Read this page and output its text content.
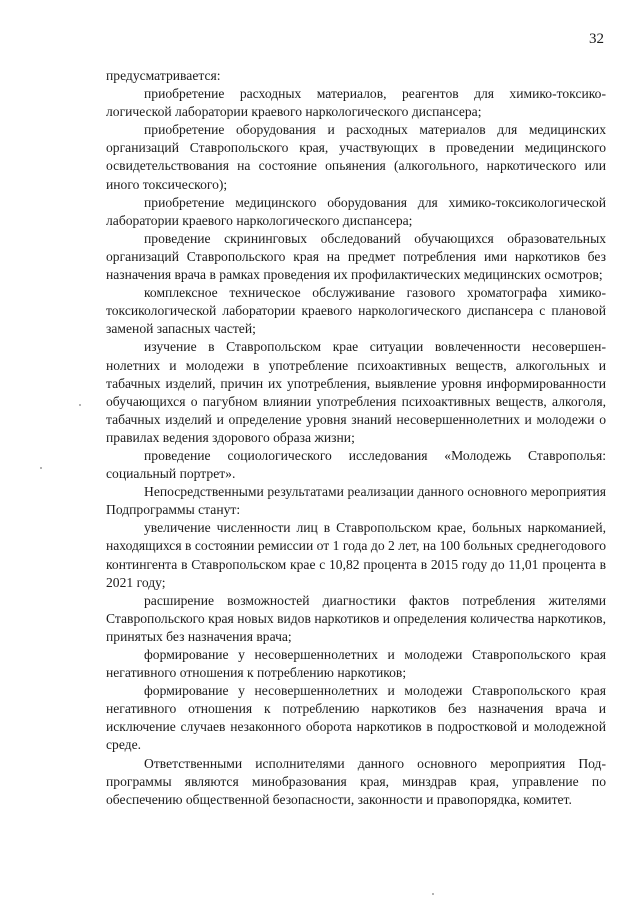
32

предусматривается:

приобретение расходных материалов, реагентов для химико-токсикологической лаборатории краевого наркологического диспансера;

приобретение оборудования и расходных материалов для медицинских организаций Ставропольского края, участвующих в проведении медицинского освидетельствования на состояние опьянения (алкогольного, наркотического или иного токсического);

приобретение медицинского оборудования для химико-токсикологической лаборатории краевого наркологического диспансера;

проведение скрининговых обследований обучающихся образовательных организаций Ставропольского края на предмет потребления ими наркотиков без назначения врача в рамках проведения их профилактических медицинских осмотров;

комплексное техническое обслуживание газового хроматографа химико-токсикологической лаборатории краевого наркологического диспансера с плановой заменой запасных частей;

изучение в Ставропольском крае ситуации вовлеченности несовершеннолетних и молодежи в употребление психоактивных веществ, алкогольных и табачных изделий, причин их употребления, выявление уровня информированности обучающихся о пагубном влиянии употребления психоактивных веществ, алкоголя, табачных изделий и определение уровня знаний несовершеннолетних и молодежи о правилах ведения здорового образа жизни;

проведение социологического исследования «Молодежь Ставрополья: социальный портрет».

Непосредственными результатами реализации данного основного мероприятия Подпрограммы станут:

увеличение численности лиц в Ставропольском крае, больных наркоманией, находящихся в состоянии ремиссии от 1 года до 2 лет, на 100 больных среднегодового контингента в Ставропольском крае с 10,82 процента в 2015 году до 11,01 процента в 2021 году;

расширение возможностей диагностики фактов потребления жителями Ставропольского края новых видов наркотиков и определения количества наркотиков, принятых без назначения врача;

формирование у несовершеннолетних и молодежи Ставропольского края негативного отношения к потреблению наркотиков;

формирование у несовершеннолетних и молодежи Ставропольского края негативного отношения к потреблению наркотиков без назначения врача и исключение случаев незаконного оборота наркотиков в подростковой и молодежной среде.

Ответственными исполнителями данного основного мероприятия Подпрограммы являются минобразования края, минздрав края, управление по обеспечению общественной безопасности, законности и правопорядка, комитет.
